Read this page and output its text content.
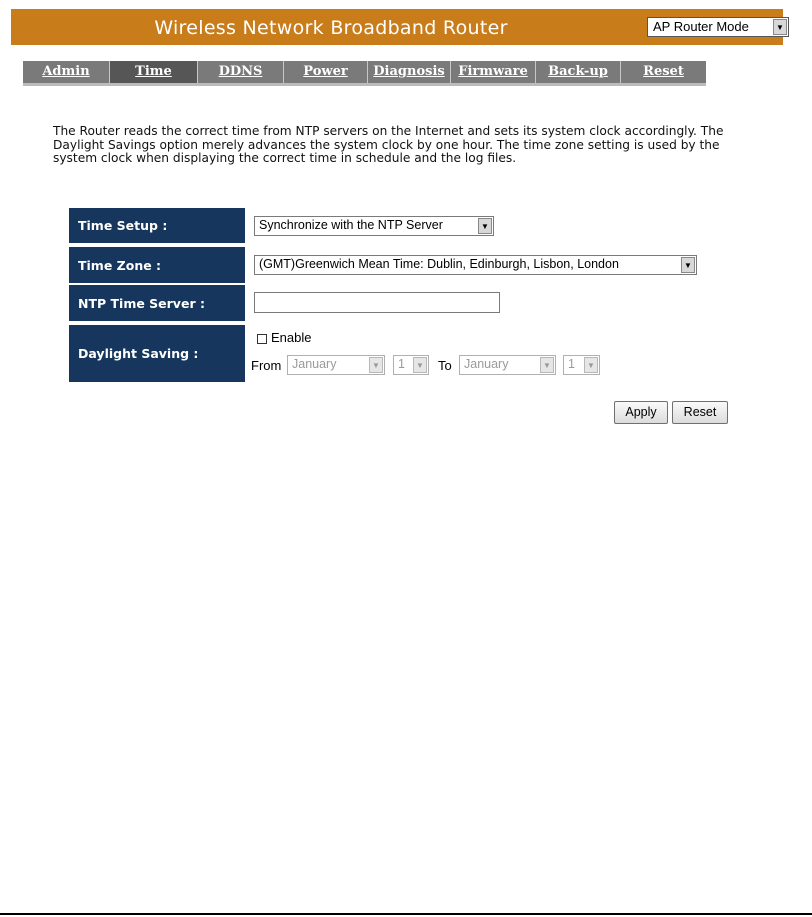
Wireless Network Broadband Router	AP Router Mode	▼
Admin	Time	DDNS	Power	Diagnosis	Firmware	Back-up	Reset
The Router reads the correct time from NTP servers on the Internet and sets its system clock accordingly. The Daylight Savings option merely advances the system clock by one hour. The time zone setting is used by the system clock when displaying the correct time in schedule and the log files.
Time Setup :	Synchronize with the NTP Server	▼
Time Zone :	(GMT)Greenwich Mean Time: Dublin, Edinburgh, Lisbon, London	▼
NTP Time Server :
Daylight Saving :
Enable
From January	▼ 1	▼ To January	▼ 1	▼
Apply	Reset
